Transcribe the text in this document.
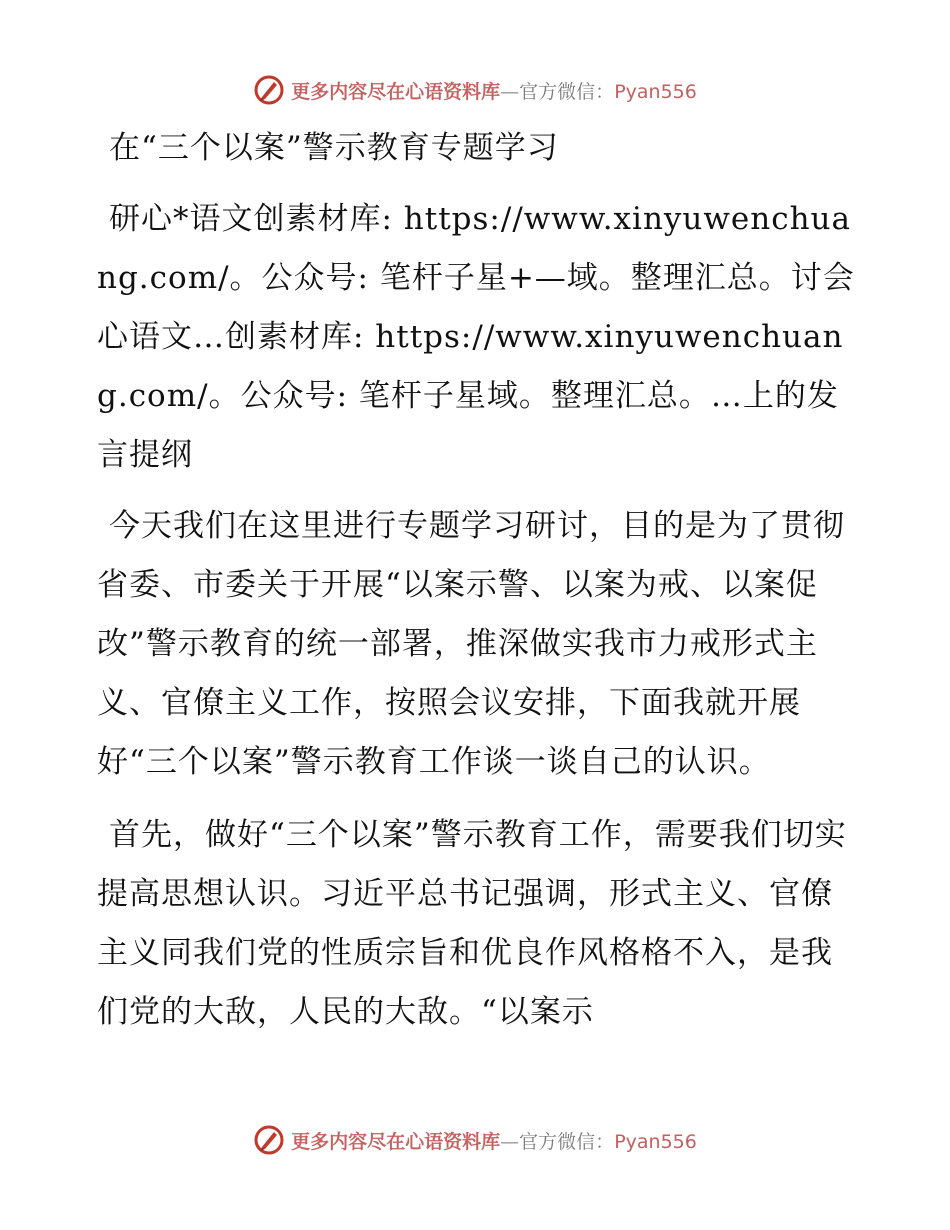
更多内容尽在心语资料库—官方微信：Pyan556

在“三个以案”警示教育专题学习

研心*语文创素材库: https://www.xinyuwenchuang.com/。公众号: 笔杆子星+—域。整理汇总。讨会心语文…创素材库: https://www.xinyuwenchuang.com/。公众号: 笔杆子星域。整理汇总。…上的发言提纲

今天我们在这里进行专题学习研讨，目的是为了贯彻省委、市委关于开展“以案示警、以案为戒、以案促改”警示教育的统一部署，推深做实我市力戒形式主义、官僚主义工作，按照会议安排，下面我就开展好“三个以案”警示教育工作谈一谈自己的认识。

首先，做好“三个以案”警示教育工作，需要我们切实提高思想认识。习近平总书记强调，形式主义、官僚主义同我们党的性质宗旨和优良作风格格不入，是我们党的大敌，人民的大敌。“以案示

更多内容尽在心语资料库—官方微信：Pyan556
